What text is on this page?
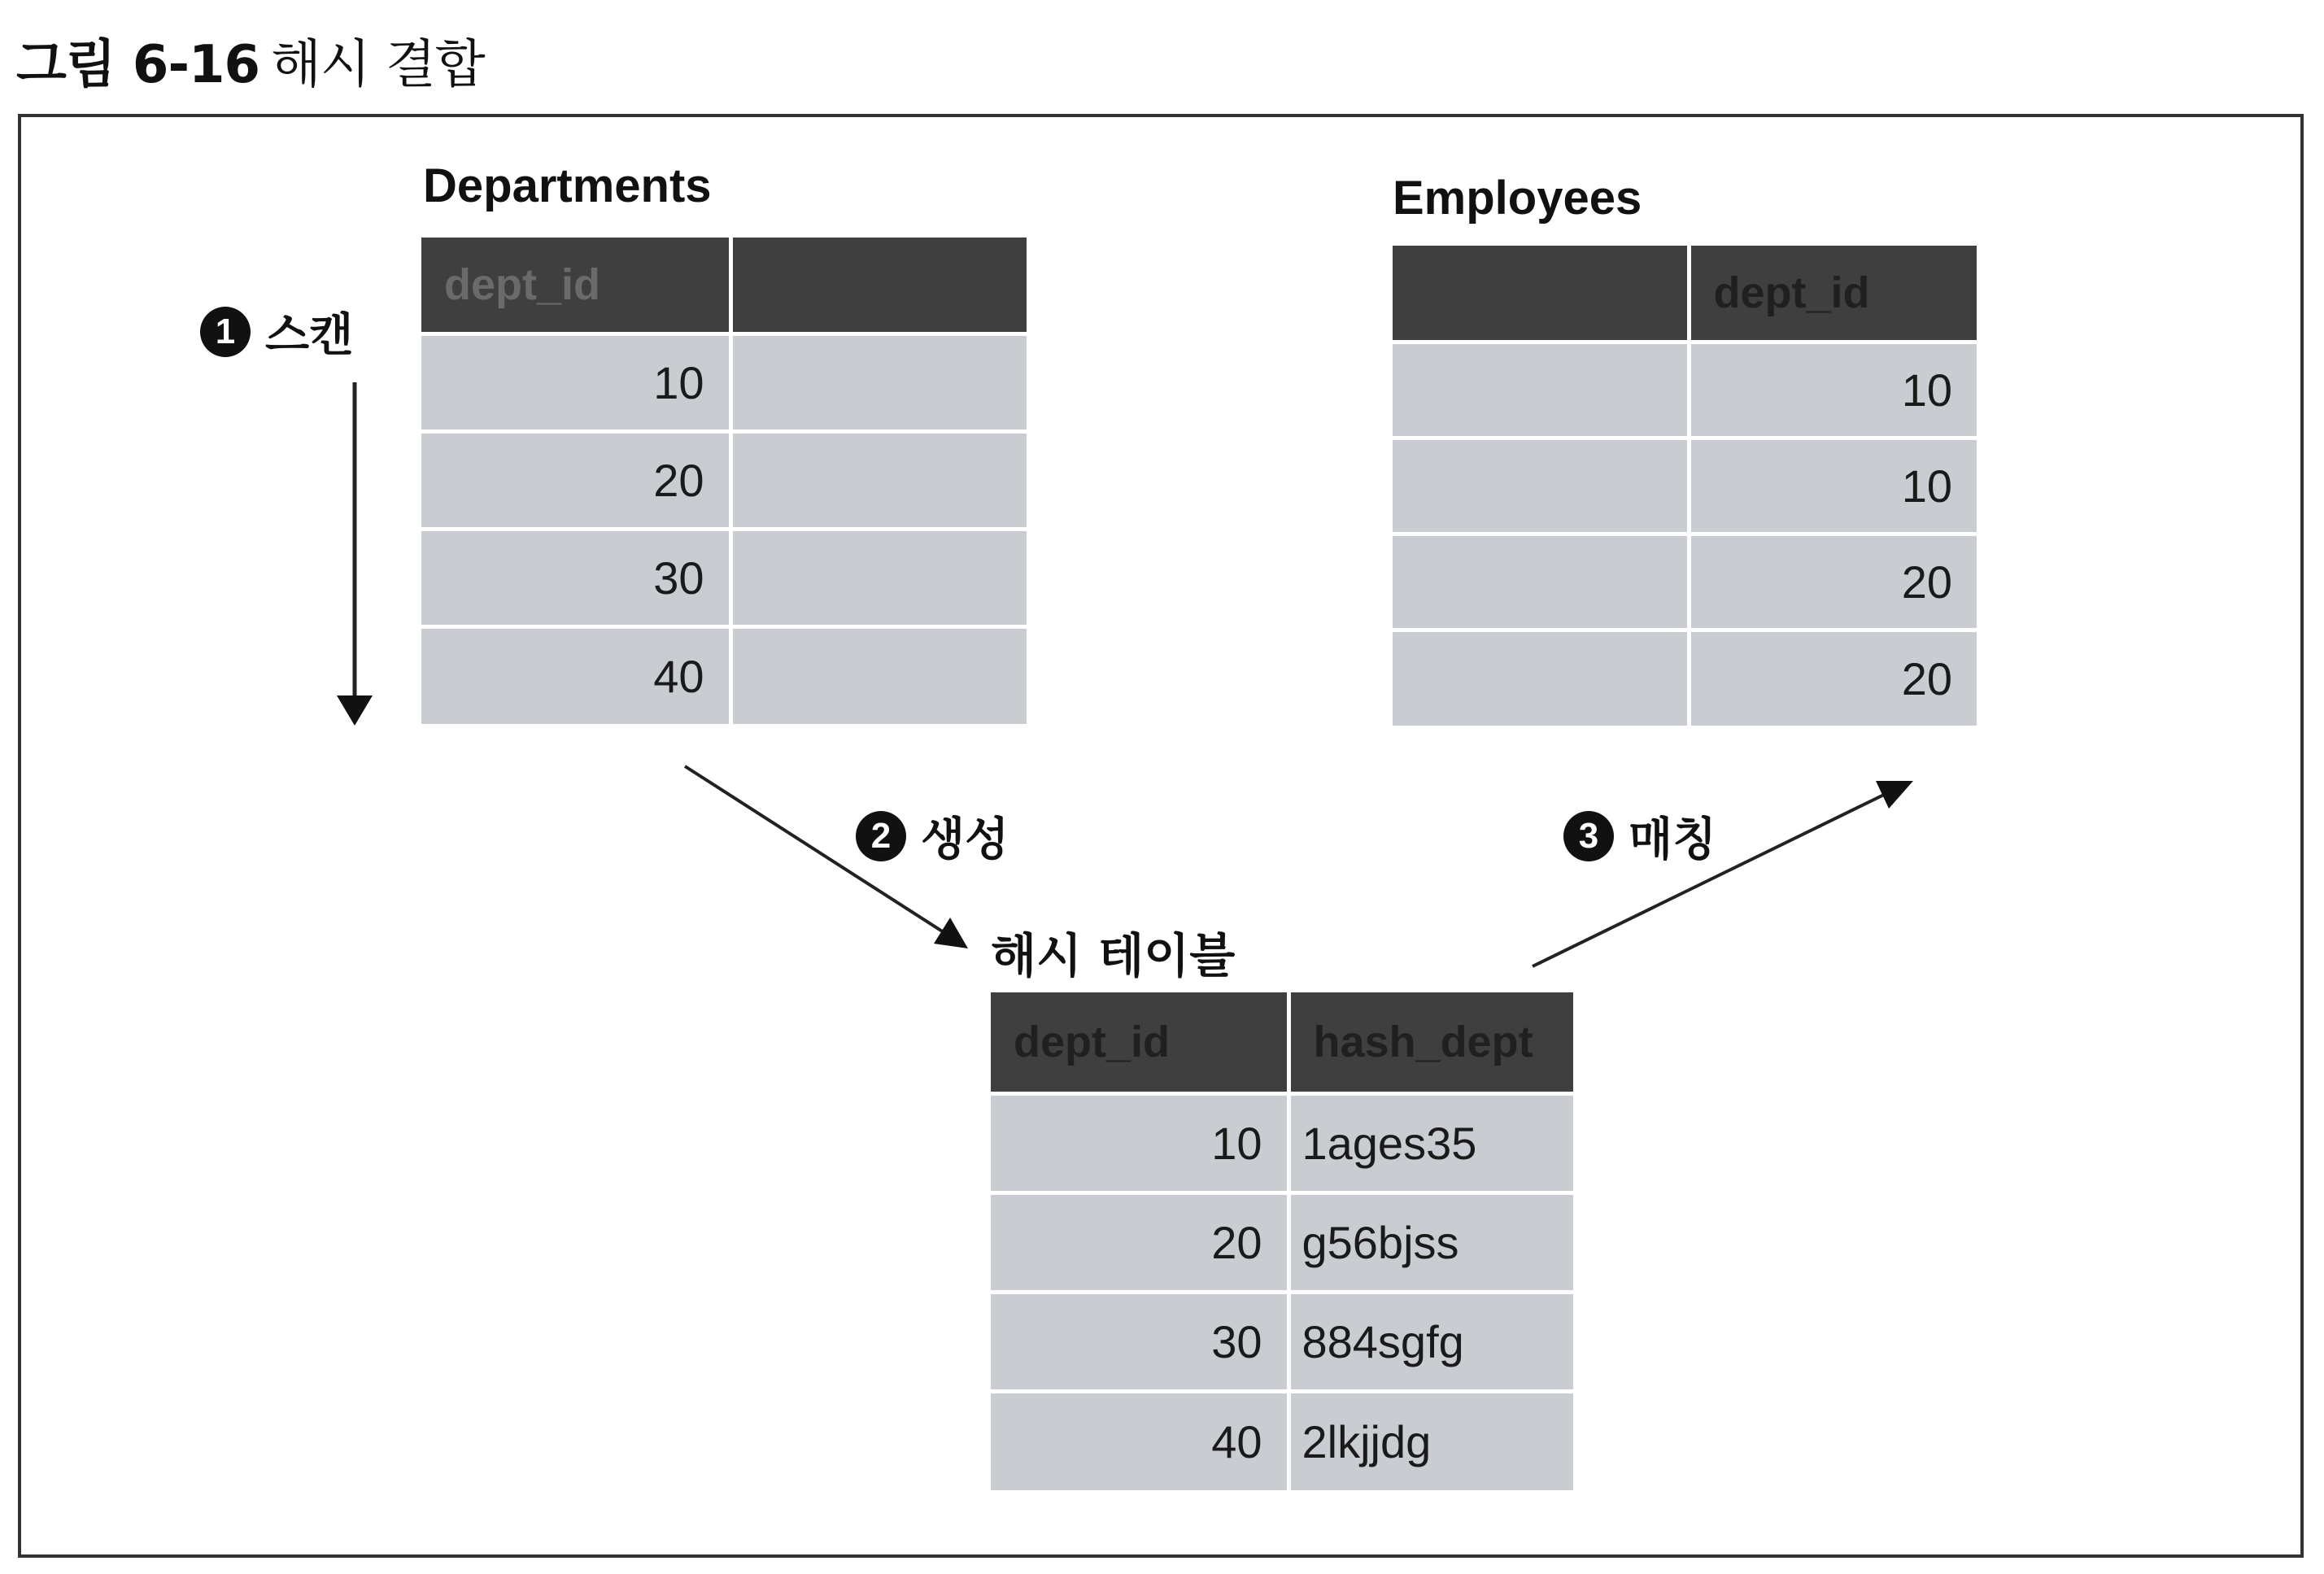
그림 6-16 해시 결합
Departments
dept_id	
10	
20	
30	
40	
Employees
	dept_id
	10
	10
	20
	20
해시 테이블
dept_id	hash_dept
10	1ages35
20	g56bjss
30	884sgfg
40	2lkjjdg
1 스캔
2 생성	3 매칭
